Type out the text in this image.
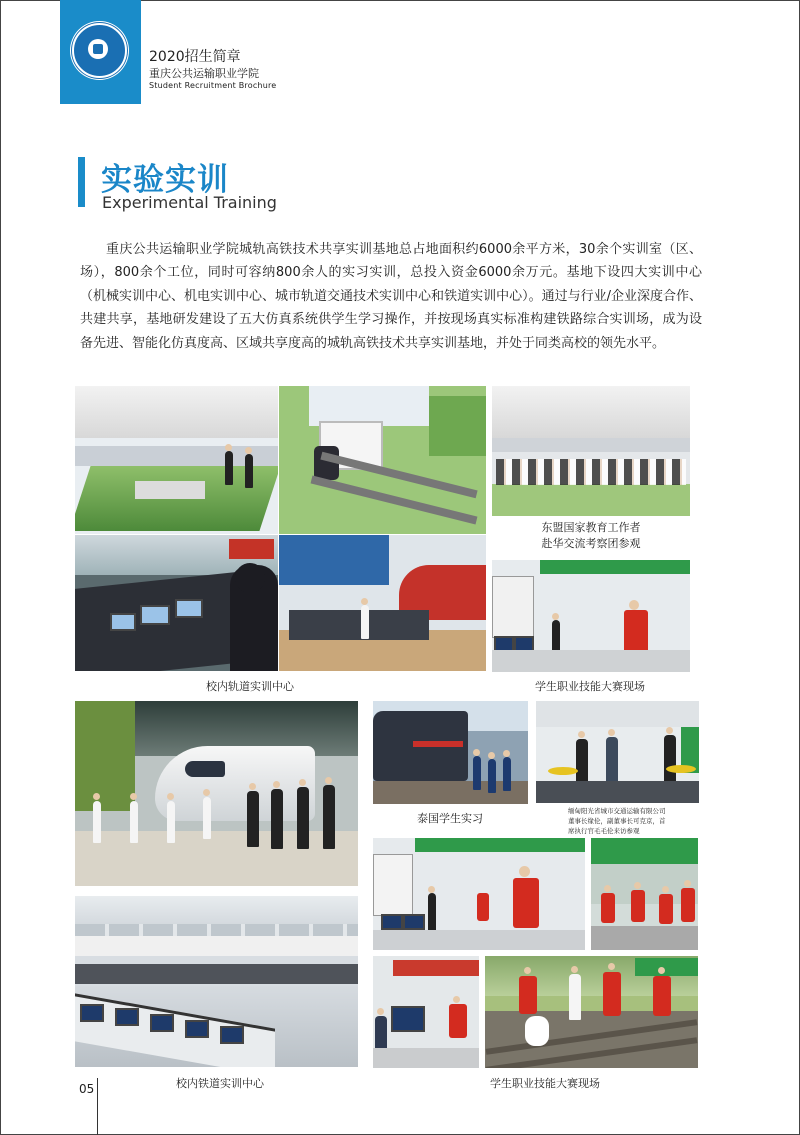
2020招生简章
重庆公共运输职业学院
Student Recruitment Brochure
实验实训
Experimental Training
重庆公共运输职业学院城轨高铁技术共享实训基地总占地面积约6000余平方米，30余个实训室（区、场），800余个工位，同时可容纳800余人的实习实训，总投入资金6000余万元。基地下设四大实训中心（机械实训中心、机电实训中心、城市轨道交通技术实训中心和铁道实训中心）。通过与行业/企业深度合作、共建共享，基地研发建设了五大仿真系统供学生学习操作，并按现场真实标准构建铁路综合实训场，成为设备先进、智能化仿真度高、区域共享度高的城轨高铁技术共享实训基地，并处于同类高校的领先水平。
东盟国家教育工作者
赴华交流考察团参观
校内轨道实训中心	学生职业技能大赛现场
泰国学生实习
缅甸阳光省城市交通运输有限公司
董事长缘伦，副董事长可克京，首
席执行官毛毛伦来访参观
校内铁道实训中心	学生职业技能大赛现场
05
